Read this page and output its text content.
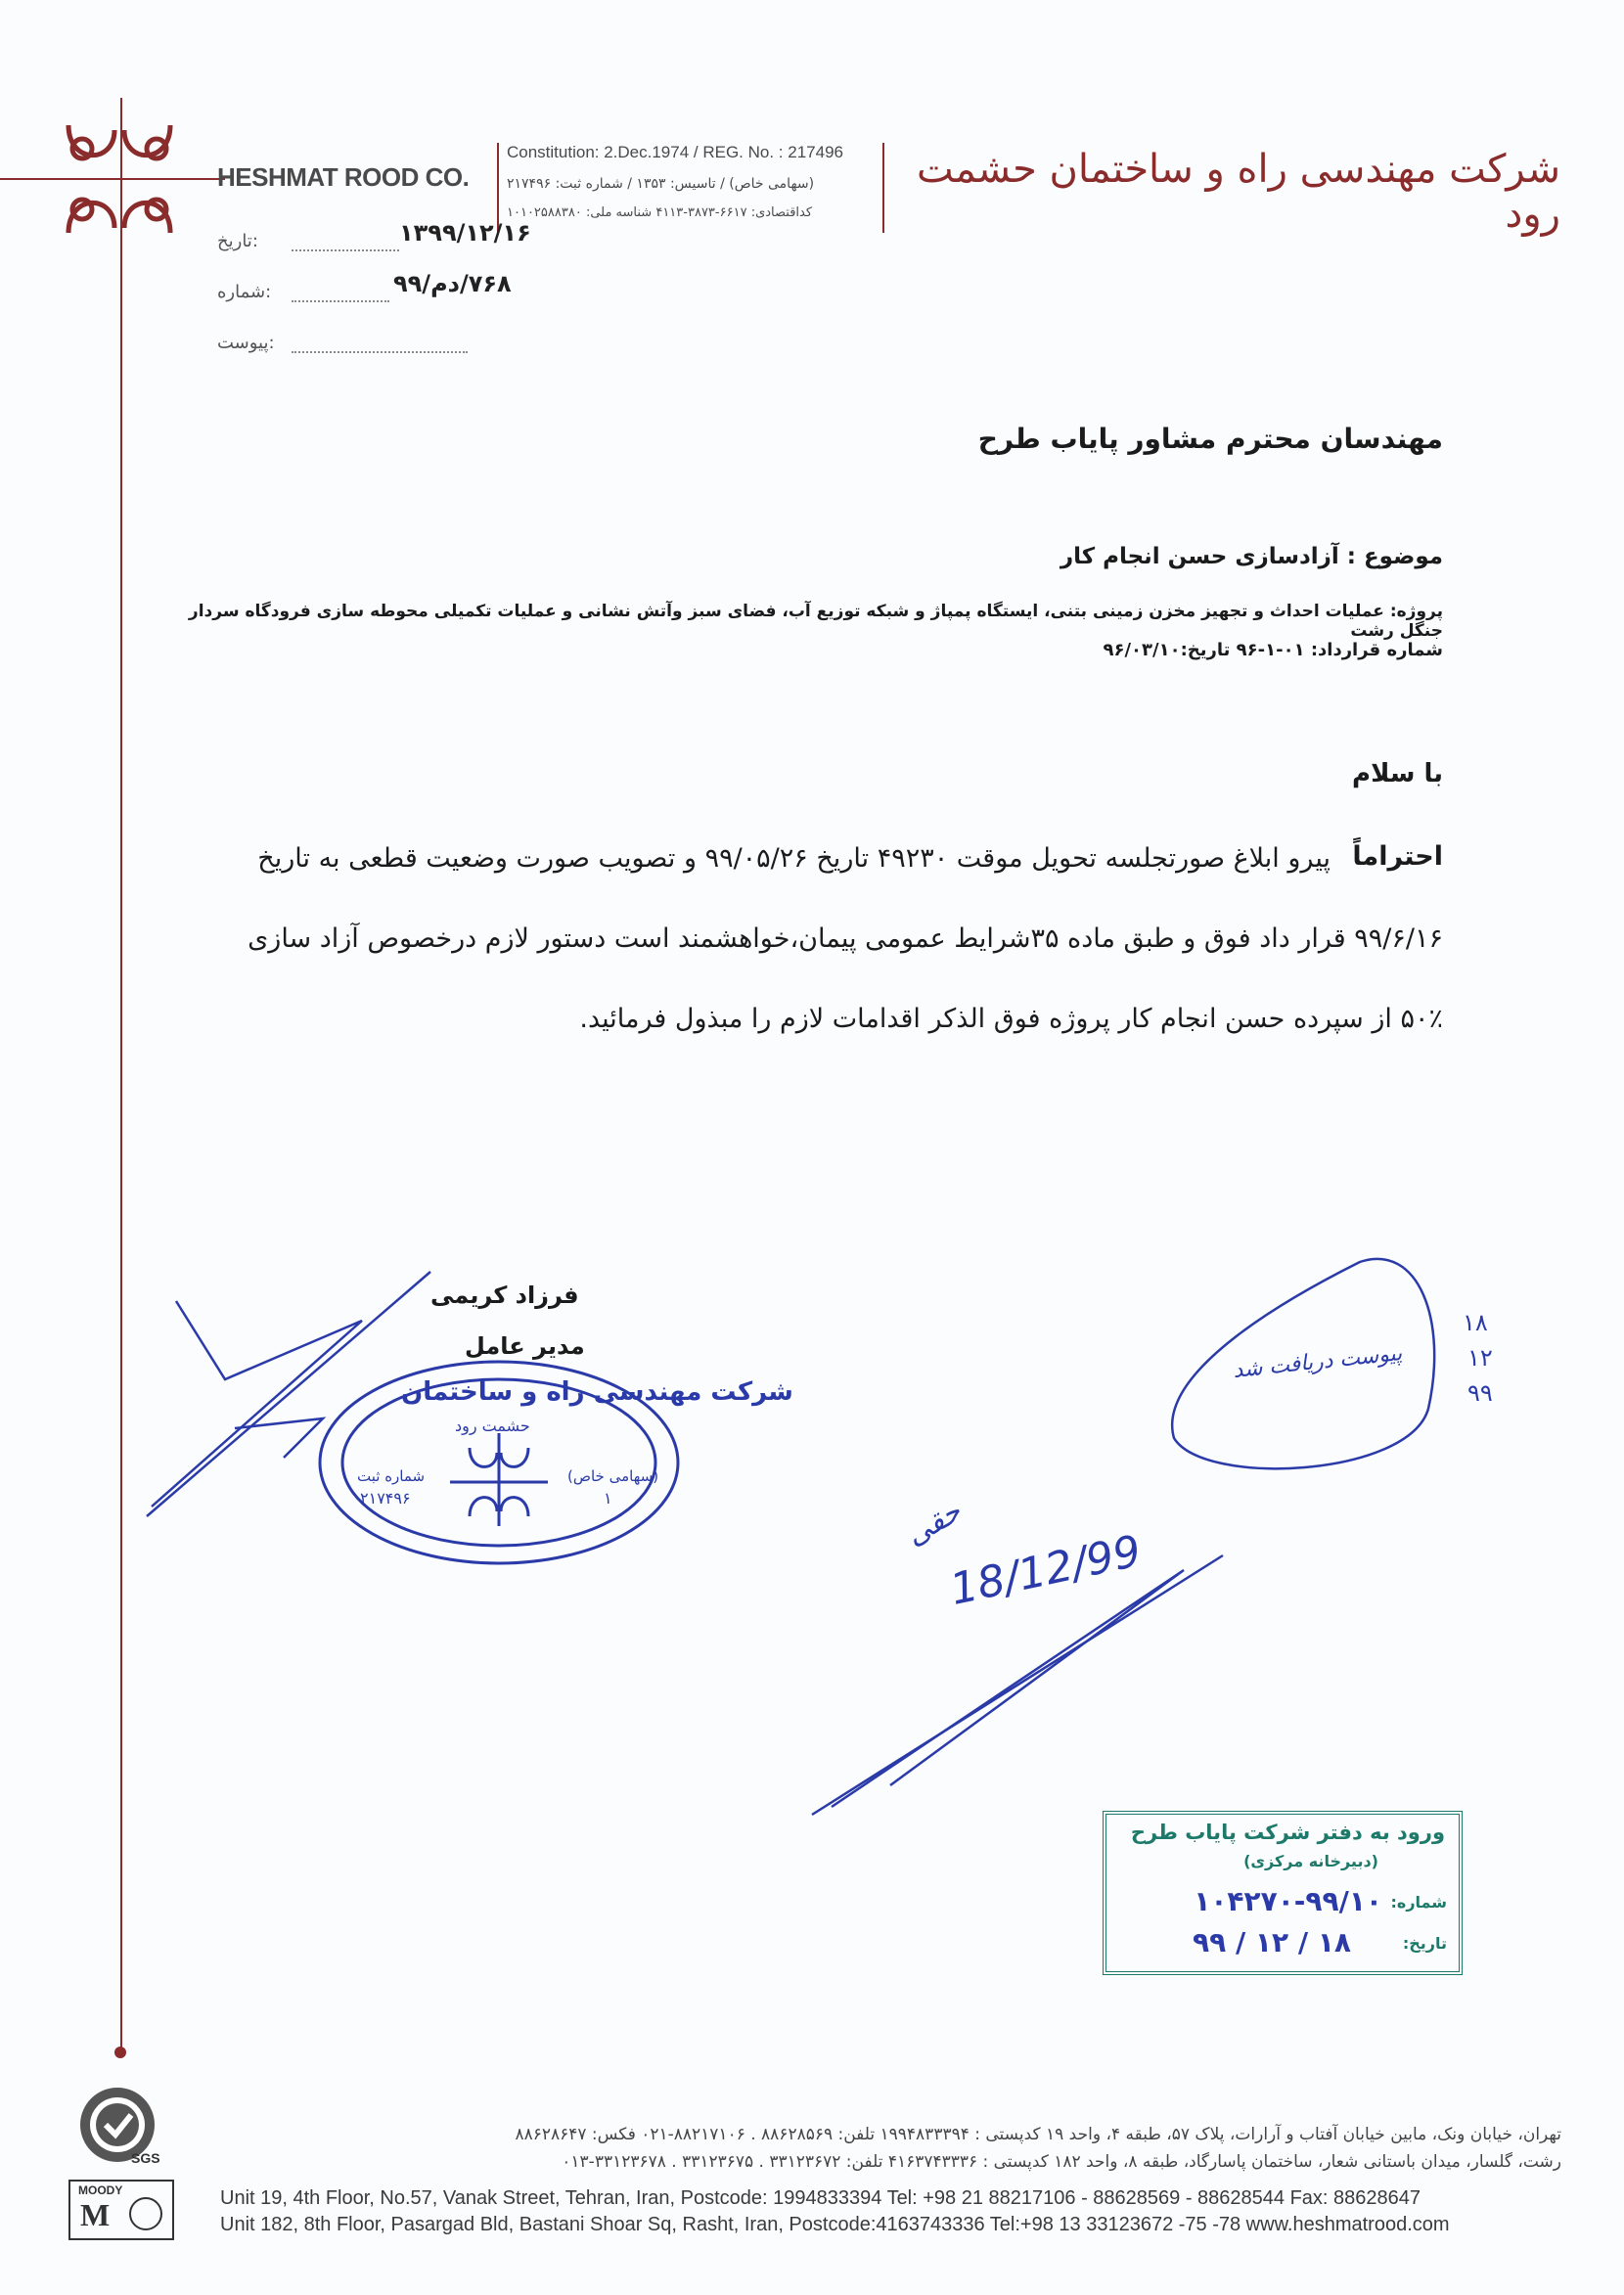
HESHMAT ROOD CO.
Constitution: 2.Dec.1974 / REG. No. : 217496
(سهامی خاص) / تاسیس: ۱۳۵۳ / شماره ثبت: ۲۱۷۴۹۶
کداقتصادی: ۶۶۱۷-۳۸۷۳-۴۱۱۳ شناسه ملی: ۱۰۱۰۲۵۸۸۳۸۰
شرکت مهندسی راه و ساختمان حشمت رود
:تاریخ	۱۳۹۹/۱۲/۱۶
:شماره	۷۶۸/دم/۹۹
:پیوست
مهندسان محترم مشاور پایاب طرح
موضوع : آزادسازی حسن انجام کار
پروژه: عملیات احداث و تجهیز مخزن زمینی بتنی، ایستگاه پمپاژ و شبکه توزیع آب، فضای سبز وآتش نشانی و عملیات تکمیلی محوطه سازی فرودگاه سردار جنگل رشت
شماره قرارداد: ۰۱-۱-۹۶ تاریخ:۹۶/۰۳/۱۰
با سلام
احتراماً
پیرو ابلاغ صورتجلسه تحویل موقت ۴۹۲۳۰ تاریخ ۹۹/۰۵/۲۶ و تصویب صورت وضعیت قطعی به تاریخ
۹۹/۶/۱۶ قرار داد فوق و طبق ماده ۳۵شرایط عمومی پیمان،خواهشمند است دستور لازم درخصوص آزاد سازی
۵۰٪ از سپرده حسن انجام کار پروژه فوق الذکر اقدامات لازم را مبذول فرمائید.
فرزاد کریمی
مدیر عامل
شرکت مهندسی راه و ساختمان
حشمت رود
شماره ثبت
۲۱۷۴۹۶
(سهامی خاص)
۱
پیوست دریافت شد
۱۸
۱۲
۹۹
حقی
18/12/99
ورود به دفتر شرکت پایاب طرح
(دبیرخانه مرکزی)
شماره:
۱۰۴۲۷۰-۹۹/۱۰
تاریخ:
۹۹ / ۱۲ / ۱۸
SGS
MOODY
M
تهران، خیابان ونک، مابین خیابان آفتاب و آرارات، پلاک ۵۷، طبقه ۴، واحد ۱۹ کدپستی : ۱۹۹۴۸۳۳۳۹۴ تلفن: ۸۸۶۲۸۵۶۹ . ۸۸۲۱۷۱۰۶-۰۲۱ فکس: ۸۸۶۲۸۶۴۷
رشت، گلسار، میدان باستانی شعار، ساختمان پاسارگاد، طبقه ۸، واحد ۱۸۲ کدپستی : ۴۱۶۳۷۴۳۳۳۶ تلفن: ۳۳۱۲۳۶۷۲ . ۳۳۱۲۳۶۷۵ . ۳۳۱۲۳۶۷۸-۰۱۳
Unit 19, 4th Floor, No.57, Vanak Street, Tehran, Iran, Postcode: 1994833394 Tel: +98 21 88217106 - 88628569 - 88628544 Fax: 88628647
Unit 182, 8th Floor, Pasargad Bld, Bastani Shoar Sq, Rasht, Iran, Postcode:4163743336 Tel:+98 13 33123672 -75 -78 www.heshmatrood.com
